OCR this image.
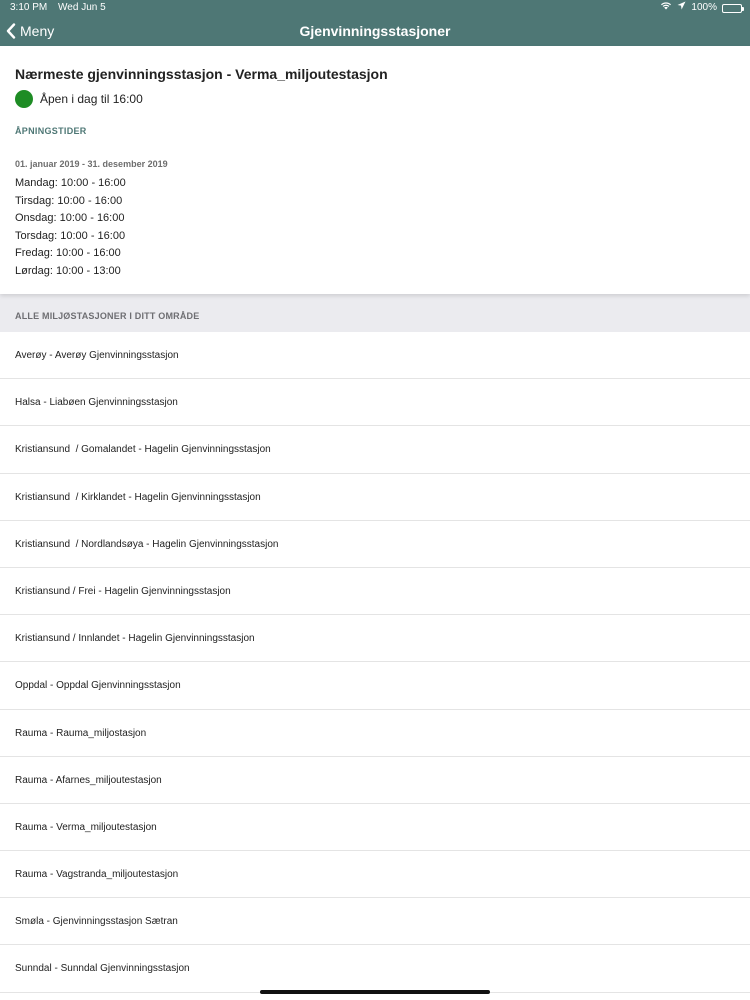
3:10 PM Wed Jun 5	100%
Meny	Gjenvinningsstasjoner
Nærmeste gjenvinningsstasjon - Verma_miljoutestasjon
Åpen i dag til 16:00
ÅPNINGSTIDER
01. januar 2019 - 31. desember 2019
Mandag: 10:00 - 16:00
Tirsdag: 10:00 - 16:00
Onsdag: 10:00 - 16:00
Torsdag: 10:00 - 16:00
Fredag: 10:00 - 16:00
Lørdag: 10:00 - 13:00
ALLE MILJØSTASJONER I DITT OMRÅDE
Averøy - Averøy Gjenvinningsstasjon
Halsa - Liabøen Gjenvinningsstasjon
Kristiansund  / Gomalandet - Hagelin Gjenvinningsstasjon
Kristiansund  / Kirklandet - Hagelin Gjenvinningsstasjon
Kristiansund  / Nordlandsøya - Hagelin Gjenvinningsstasjon
Kristiansund / Frei - Hagelin Gjenvinningsstasjon
Kristiansund / Innlandet - Hagelin Gjenvinningsstasjon
Oppdal - Oppdal Gjenvinningsstasjon
Rauma - Rauma_miljostasjon
Rauma - Afarnes_miljoutestasjon
Rauma - Verma_miljoutestasjon
Rauma - Vagstranda_miljoutestasjon
Smøla - Gjenvinningsstasjon Sætran
Sunndal - Sunndal Gjenvinningsstasjon
